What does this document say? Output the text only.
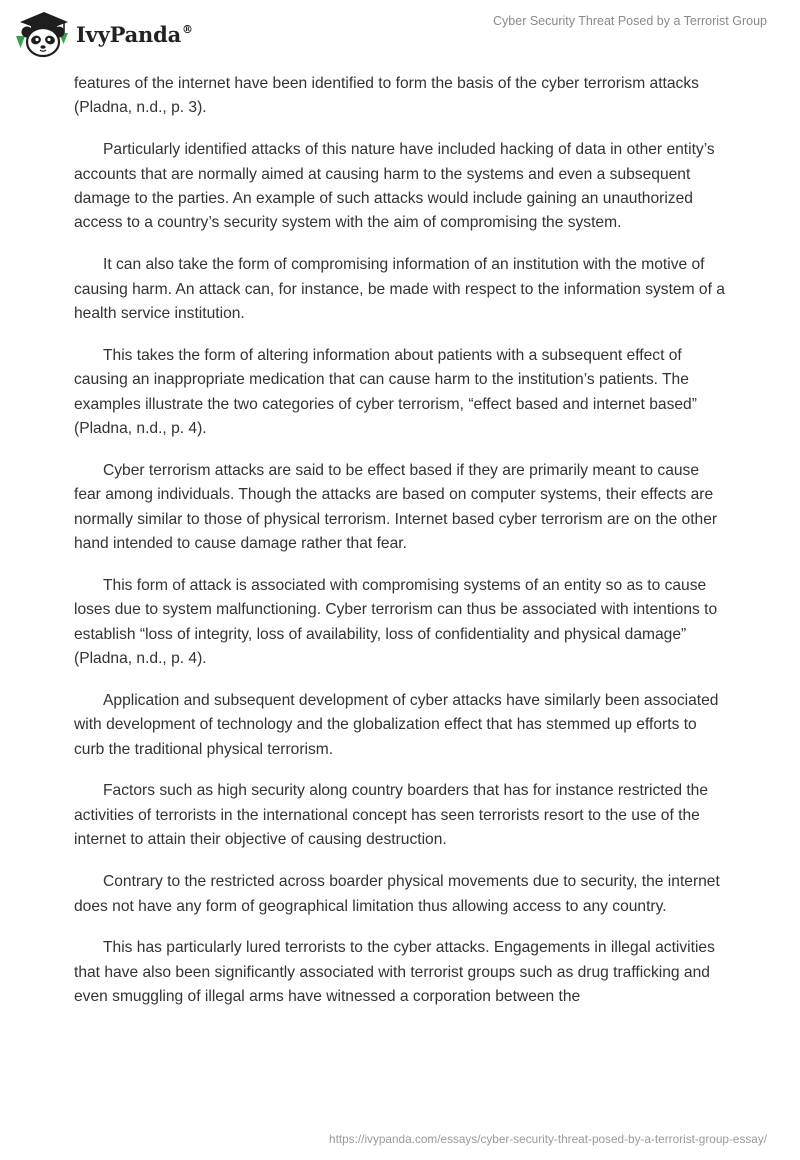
IvyPanda®
Cyber Security Threat Posed by a Terrorist Group

features of the internet have been identified to form the basis of the cyber terrorism attacks (Pladna, n.d., p. 3).

Particularly identified attacks of this nature have included hacking of data in other entity’s accounts that are normally aimed at causing harm to the systems and even a subsequent damage to the parties. An example of such attacks would include gaining an unauthorized access to a country’s security system with the aim of compromising the system.

It can also take the form of compromising information of an institution with the motive of causing harm. An attack can, for instance, be made with respect to the information system of a health service institution.

This takes the form of altering information about patients with a subsequent effect of causing an inappropriate medication that can cause harm to the institution’s patients. The examples illustrate the two categories of cyber terrorism, “effect based and internet based” (Pladna, n.d., p. 4).

Cyber terrorism attacks are said to be effect based if they are primarily meant to cause fear among individuals. Though the attacks are based on computer systems, their effects are normally similar to those of physical terrorism. Internet based cyber terrorism are on the other hand intended to cause damage rather that fear.

This form of attack is associated with compromising systems of an entity so as to cause loses due to system malfunctioning. Cyber terrorism can thus be associated with intentions to establish “loss of integrity, loss of availability, loss of confidentiality and physical damage” (Pladna, n.d., p. 4).

Application and subsequent development of cyber attacks have similarly been associated with development of technology and the globalization effect that has stemmed up efforts to curb the traditional physical terrorism.

Factors such as high security along country boarders that has for instance restricted the activities of terrorists in the international concept has seen terrorists resort to the use of the internet to attain their objective of causing destruction.

Contrary to the restricted across boarder physical movements due to security, the internet does not have any form of geographical limitation thus allowing access to any country.

This has particularly lured terrorists to the cyber attacks. Engagements in illegal activities that have also been significantly associated with terrorist groups such as drug trafficking and even smuggling of illegal arms have witnessed a corporation between the

https://ivypanda.com/essays/cyber-security-threat-posed-by-a-terrorist-group-essay/
